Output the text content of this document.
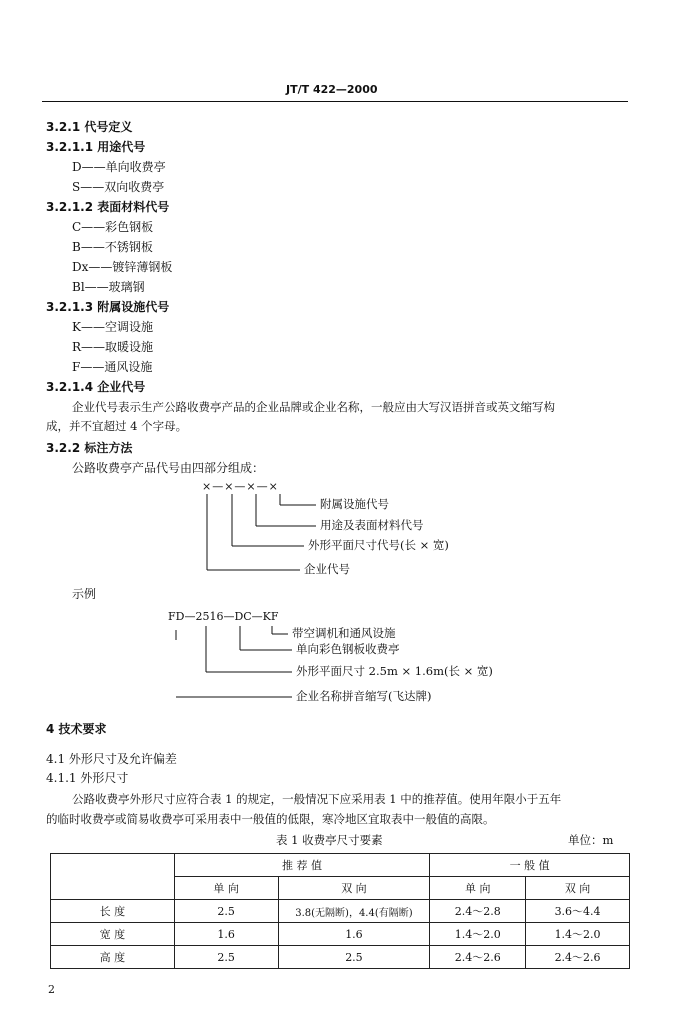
JT/T 422—2000
3.2.1 代号定义
3.2.1.1 用途代号
D——单向收费亭
S——双向收费亭
3.2.1.2 表面材料代号
C——彩色钢板
B——不锈钢板
Dx——镀锌薄钢板
Bl——玻璃钢
3.2.1.3 附属设施代号
K——空调设施
R——取暖设施
F——通风设施
3.2.1.4 企业代号
企业代号表示生产公路收费亭产品的企业品牌或企业名称，一般应由大写汉语拼音或英文缩写构
成，并不宜超过 4 个字母。
3.2.2 标注方法
公路收费亭产品代号由四部分组成：
×—×—×—×
附属设施代号
用途及表面材料代号
外形平面尺寸代号(长 × 宽)
企业代号
示例
FD—2516—DC—KF
带空调机和通风设施
单向彩色钢板收费亭
外形平面尺寸 2.5m × 1.6m(长 × 宽)
企业名称拼音缩写(飞达牌)
4 技术要求
4.1 外形尺寸及允许偏差
4.1.1 外形尺寸
公路收费亭外形尺寸应符合表 1 的规定，一般情况下应采用表 1 中的推荐值。使用年限小于五年
的临时收费亭或简易收费亭可采用表中一般值的低限，寒冷地区宜取表中一般值的高限。
表 1 收费亭尺寸要素	单位：m
	推 荐 值		一 般 值	
	单 向	双 向	单 向	双 向
长 度	2.5	3.8(无隔断)，4.4(有隔断)	2.4～2.8	3.6～4.4
宽 度	1.6	1.6	1.4～2.0	1.4～2.0
高 度	2.5	2.5	2.4～2.6	2.4～2.6
2
